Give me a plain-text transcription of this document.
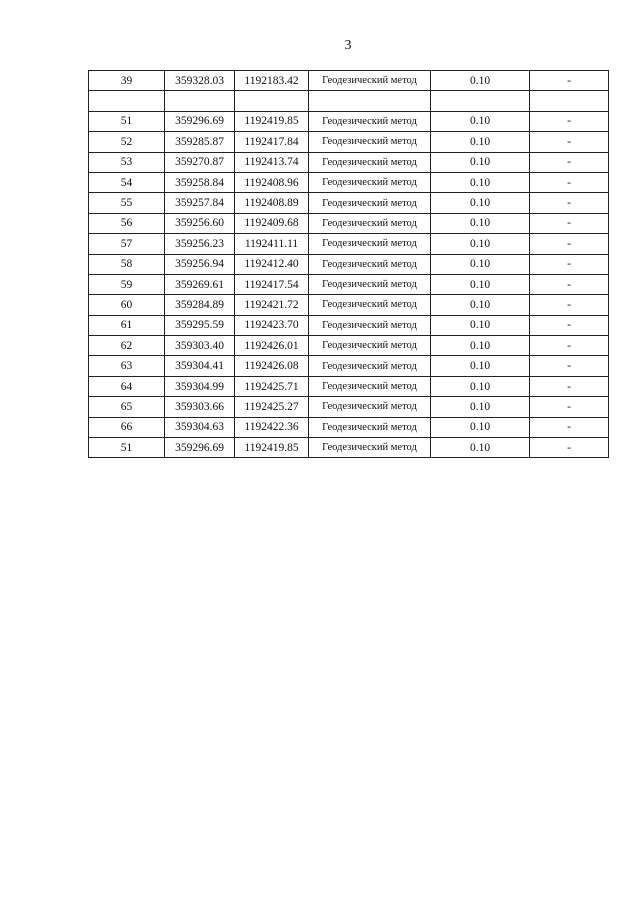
3
39	359328.03	1192183.42	Геодезический метод	0.10	-

51	359296.69	1192419.85	Геодезический метод	0.10	-
52	359285.87	1192417.84	Геодезический метод	0.10	-
53	359270.87	1192413.74	Геодезический метод	0.10	-
54	359258.84	1192408.96	Геодезический метод	0.10	-
55	359257.84	1192408.89	Геодезический метод	0.10	-
56	359256.60	1192409.68	Геодезический метод	0.10	-
57	359256.23	1192411.11	Геодезический метод	0.10	-
58	359256.94	1192412.40	Геодезический метод	0.10	-
59	359269.61	1192417.54	Геодезический метод	0.10	-
60	359284.89	1192421.72	Геодезический метод	0.10	-
61	359295.59	1192423.70	Геодезический метод	0.10	-
62	359303.40	1192426.01	Геодезический метод	0.10	-
63	359304.41	1192426.08	Геодезический метод	0.10	-
64	359304.99	1192425.71	Геодезический метод	0.10	-
65	359303.66	1192425.27	Геодезический метод	0.10	-
66	359304.63	1192422.36	Геодезический метод	0.10	-
51	359296.69	1192419.85	Геодезический метод	0.10	-
